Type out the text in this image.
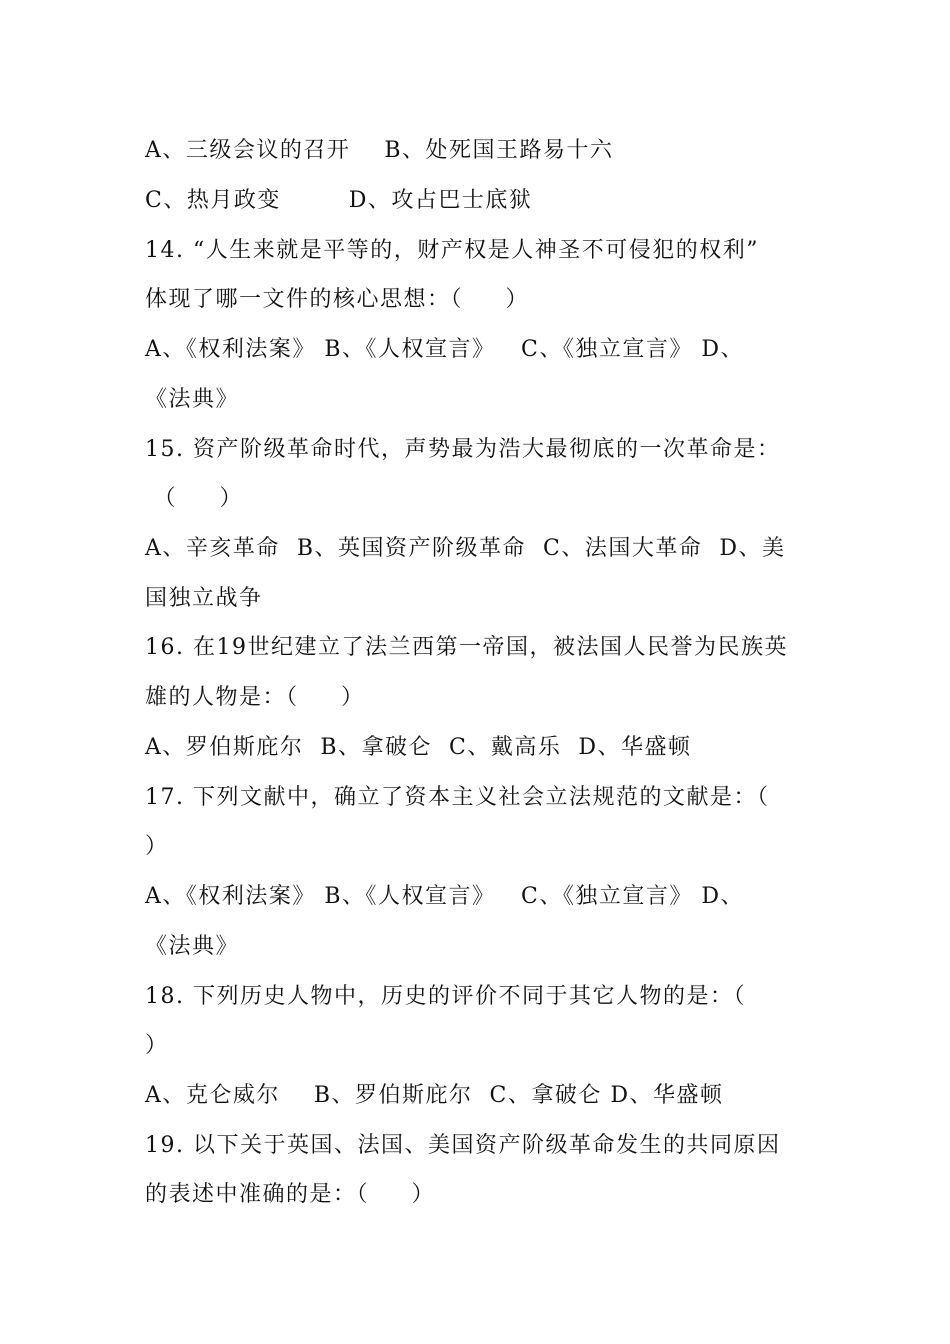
A、三级会议的召开    B、处死国王路易十六
C、热月政变        D、攻占巴士底狱
14. “人生来就是平等的，财产权是人神圣不可侵犯的权利”
体现了哪一文件的核心思想：（     ）
A、《权利法案》 B、《人权宣言》   C、《独立宣言》 D、
《法典》
15. 资产阶级革命时代，声势最为浩大最彻底的一次革命是：
（     ）
A、辛亥革命  B、英国资产阶级革命  C、法国大革命  D、美
国独立战争
16. 在19世纪建立了法兰西第一帝国，被法国人民誉为民族英
雄的人物是：（     ）
A、罗伯斯庇尔  B、拿破仑  C、戴高乐  D、华盛顿
17. 下列文献中，确立了资本主义社会立法规范的文献是：（
）
A、《权利法案》 B、《人权宣言》   C、《独立宣言》 D、
《法典》
18. 下列历史人物中，历史的评价不同于其它人物的是：（
）
A、克仑威尔    B、罗伯斯庇尔  C、拿破仑 D、华盛顿
19. 以下关于英国、法国、美国资产阶级革命发生的共同原因
的表述中准确的是：（     ）
